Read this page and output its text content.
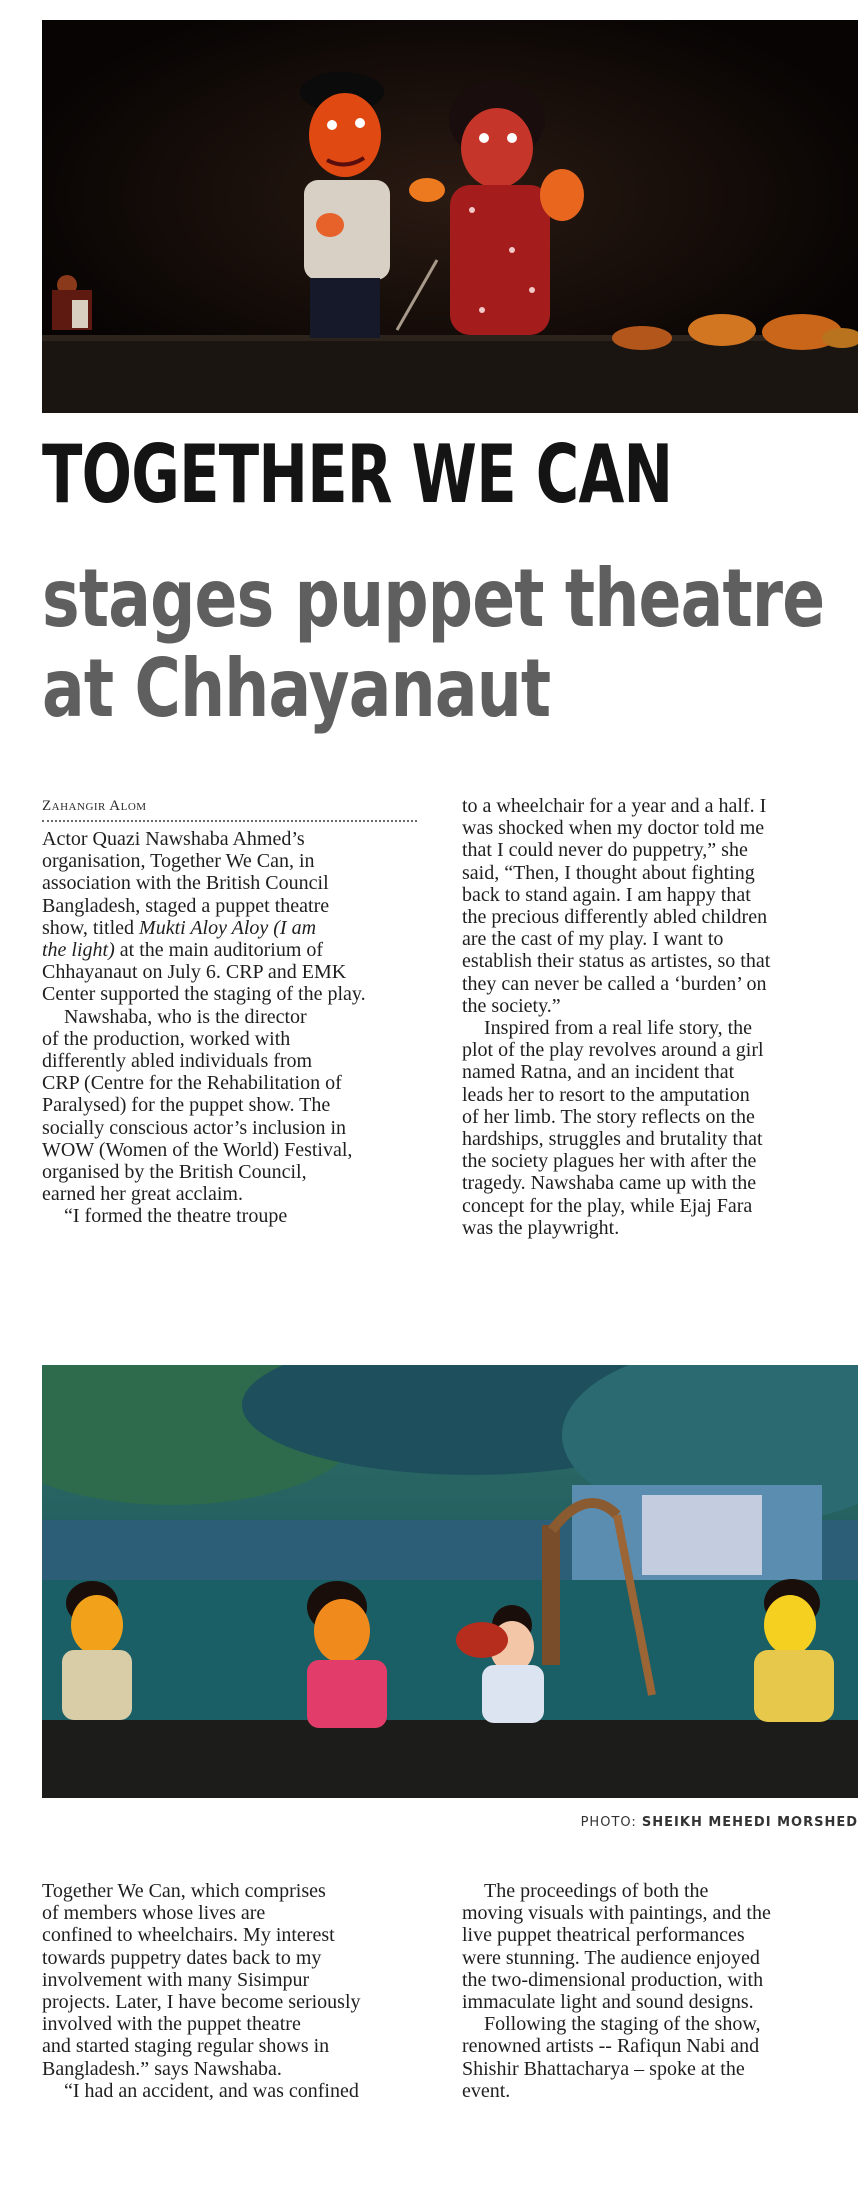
TOGETHER WE CAN
stages puppet theatre
at Chhayanaut
Zahangir Alom

Actor Quazi Nawshaba Ahmed’s
organisation, Together We Can, in
association with the British Council
Bangladesh, staged a puppet theatre
show, titled Mukti Aloy Aloy (I am
the light) at the main auditorium of
Chhayanaut on July 6. CRP and EMK
Center supported the staging of the play.

Nawshaba, who is the director
of the production, worked with
differently abled individuals from
CRP (Centre for the Rehabilitation of
Paralysed) for the puppet show. The
socially conscious actor’s inclusion in
WOW (Women of the World) Festival,
organised by the British Council,
earned her great acclaim.

“I formed the theatre troupe

to a wheelchair for a year and a half. I
was shocked when my doctor told me
that I could never do puppetry,” she
said, “Then, I thought about fighting
back to stand again. I am happy that
the precious differently abled children
are the cast of my play. I want to
establish their status as artistes, so that
they can never be called a ‘burden’ on
the society.”

Inspired from a real life story, the
plot of the play revolves around a girl
named Ratna, and an incident that
leads her to resort to the amputation
of her limb. The story reflects on the
hardships, struggles and brutality that
the society plagues her with after the
tragedy. Nawshaba came up with the
concept for the play, while Ejaj Fara
was the playwright.

PHOTO: SHEIKH MEHEDI MORSHED

Together We Can, which comprises
of members whose lives are
confined to wheelchairs. My interest
towards puppetry dates back to my
involvement with many Sisimpur
projects. Later, I have become seriously
involved with the puppet theatre
and started staging regular shows in
Bangladesh.” says Nawshaba.

“I had an accident, and was confined

The proceedings of both the
moving visuals with paintings, and the
live puppet theatrical performances
were stunning. The audience enjoyed
the two-dimensional production, with
immaculate light and sound designs.

Following the staging of the show,
renowned artists -- Rafiqun Nabi and
Shishir Bhattacharya – spoke at the
event.
